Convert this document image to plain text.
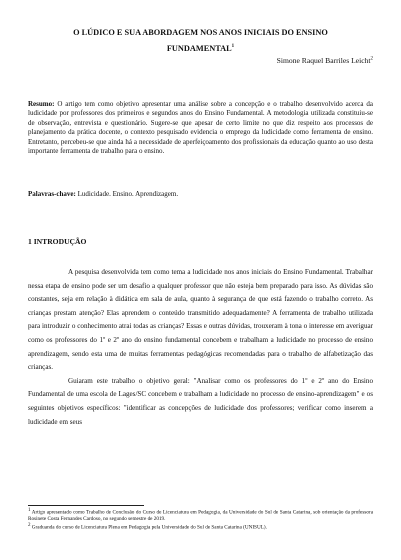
O LÚDICO E SUA ABORDAGEM NOS ANOS INICIAIS DO ENSINO FUNDAMENTAL$^1$
Simone Raquel Barriles Leicht$^2$
Resumo: O artigo tem como objetivo apresentar uma análise sobre a concepção e o trabalho desenvolvido acerca da ludicidade por professores dos primeiros e segundos anos do Ensino Fundamental. A metodologia utilizada constituiu-se de observação, entrevista e questionário. Sugere-se que apesar de certo limite no que diz respeito aos processos de planejamento da prática docente, o contexto pesquisado evidencia o emprego da ludicidade como ferramenta de ensino. Entretanto, percebeu-se que ainda há a necessidade de aperfeiçoamento dos profissionais da educação quanto ao uso desta importante ferramenta de trabalho para o ensino.
Palavras-chave: Ludicidade. Ensino. Aprendizagem.
1 INTRODUÇÃO

A pesquisa desenvolvida tem como tema a ludicidade nos anos iniciais do Ensino Fundamental. Trabalhar nessa etapa de ensino pode ser um desafio a qualquer professor que não esteja bem preparado para isso. As dúvidas são constantes, seja em relação à didática em sala de aula, quanto à segurança de que está fazendo o trabalho correto. As crianças prestam atenção? Elas aprendem o conteúdo transmitido adequadamente? A ferramenta de trabalho utilizada para introduzir o conhecimento atrai todas as crianças? Essas e outras dúvidas, trouxeram à tona o interesse em averiguar como os professores do 1º e 2º ano do ensino fundamental concebem e trabalham a ludicidade no processo de ensino aprendizagem, sendo esta uma de muitas ferramentas pedagógicas recomendadas para o trabalho de alfabetização das crianças.

Guiaram este trabalho o objetivo geral: "Analisar como os professores do 1º e 2º ano do Ensino Fundamental de uma escola de Lages/SC concebem e trabalham a ludicidade no processo de ensino-aprendizagem" e os seguintes objetivos específicos: "identificar as concepções de ludicidade dos professores; verificar como inserem a ludicidade em seus

$^1$ Artigo apresentado como Trabalho de Conclusão do Curso de Licenciatura em Pedagogia, da Universidade do Sul de Santa Catarina, sob orientação da professora Rosinete Costa Fernandes Cardoso, no segundo semestre de 2019.
$^2$ Graduanda do curso de Licenciatura Plena em Pedagogia pela Universidade do Sul de Santa Catarina (UNISUL).
